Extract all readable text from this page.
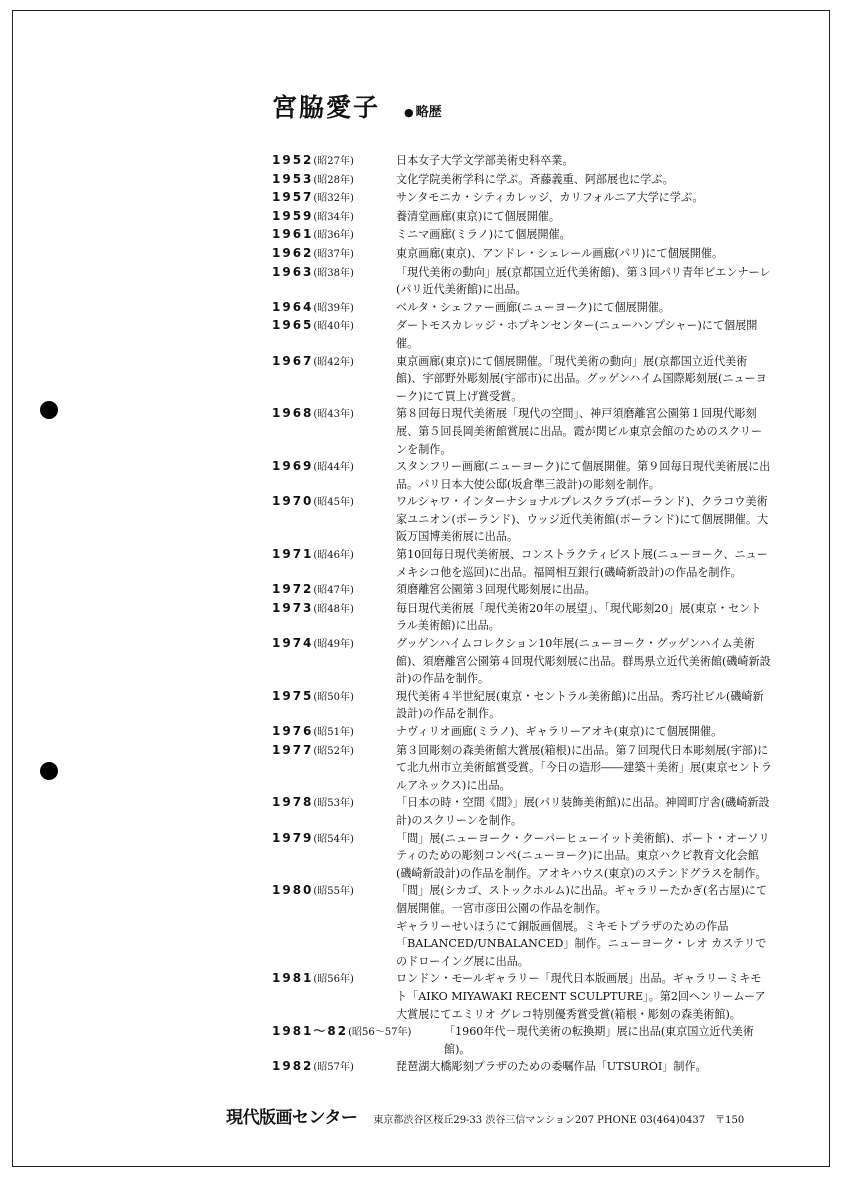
宮脇愛子 ● 略歴
1952(昭27年)	日本女子大学文学部美術史科卒業。
1953(昭28年)	文化学院美術学科に学ぶ。斉藤義重、阿部展也に学ぶ。
1957(昭32年)	サンタモニカ・シティカレッジ、カリフォルニア大学に学ぶ。
1959(昭34年)	養清堂画廊(東京)にて個展開催。
1961(昭36年)	ミニマ画廊(ミラノ)にて個展開催。
1962(昭37年)	東京画廊(東京)、アンドレ・シェレール画廊(パリ)にて個展開催。
1963(昭38年)	「現代美術の動向」展(京都国立近代美術館)、第３回パリ青年ビエンナーレ(パリ近代美術館)に出品。
1964(昭39年)	ベルタ・シェファー画廊(ニューヨーク)にて個展開催。
1965(昭40年)	ダートモスカレッジ・ホプキンセンター(ニューハンプシャー)にて個展開催。
1967(昭42年)	東京画廊(東京)にて個展開催。「現代美術の動向」展(京都国立近代美術館)、宇部野外彫刻展(宇部市)に出品。グッゲンハイム国際彫刻展(ニューヨーク)にて買上げ賞受賞。
1968(昭43年)	第８回毎日現代美術展「現代の空間」、神戸須磨離宮公園第１回現代彫刻展、第５回長岡美術館賞展に出品。霞が関ビル東京会館のためのスクリーンを制作。
1969(昭44年)	スタンフリー画廊(ニューヨーク)にて個展開催。第９回毎日現代美術展に出品。パリ日本大使公邸(坂倉準三設計)の彫刻を制作。
1970(昭45年)	ワルシャワ・インターナショナルプレスクラブ(ポーランド)、クラコウ美術家ユニオン(ポーランド)、ウッジ近代美術館(ポーランド)にて個展開催。大阪万国博美術展に出品。
1971(昭46年)	第10回毎日現代美術展、コンストラクティビスト展(ニューヨーク、ニューメキシコ他を巡回)に出品。福岡相互銀行(磯崎新設計)の作品を制作。
1972(昭47年)	須磨離宮公園第３回現代彫刻展に出品。
1973(昭48年)	毎日現代美術展「現代美術20年の展望」、「現代彫刻20」展(東京・セントラル美術館)に出品。
1974(昭49年)	グッゲンハイムコレクション10年展(ニューヨーク・グッゲンハイム美術館)、須磨離宮公園第４回現代彫刻展に出品。群馬県立近代美術館(磯崎新設計)の作品を制作。
1975(昭50年)	現代美術４半世紀展(東京・セントラル美術館)に出品。秀巧社ビル(磯崎新設計)の作品を制作。
1976(昭51年)	ナヴィリオ画廊(ミラノ)、ギャラリーアオキ(東京)にて個展開催。
1977(昭52年)	第３回彫刻の森美術館大賞展(箱根)に出品。第７回現代日本彫刻展(宇部)にて北九州市立美術館賞受賞。「今日の造形――建築＋美術」展(東京セントラルアネックス)に出品。
1978(昭53年)	「日本の時・空間《間》」展(パリ装飾美術館)に出品。神岡町庁舎(磯崎新設計)のスクリーンを制作。
1979(昭54年)	「間」展(ニューヨーク・クーパーヒューイット美術館)、ポート・オーソリティのための彫刻コンペ(ニューヨーク)に出品。東京ハクビ教育文化会館(磯崎新設計)の作品を制作。アオキハウス(東京)のステンドグラスを制作。
1980(昭55年)	「間」展(シカゴ、ストックホルム)に出品。ギャラリーたかぎ(名古屋)にて個展開催。一宮市彦田公園の作品を制作。
ギャラリーせいほうにて銅版画個展。ミキモトプラザのための作品「BALANCED/UNBALANCED」制作。ニューヨーク・レオ カステリでのドローイング展に出品。
1981(昭56年)	ロンドン・モールギャラリー「現代日本版画展」出品。ギャラリーミキモト「AIKO MIYAWAKI RECENT SCULPTURE」。第2回ヘンリームーア大賞展にてエミリオ グレコ特別優秀賞受賞(箱根・彫刻の森美術館)。
1981～82(昭56～57年)	「1960年代－現代美術の転換期」展に出品(東京国立近代美術館)。
1982(昭57年)	琵琶湖大橋彫刻プラザのための委嘱作品「UTSUROI」制作。
現代版画センター 東京都渋谷区桜丘29-33 渋谷三信マンション207 PHONE 03(464)0437　〒150
